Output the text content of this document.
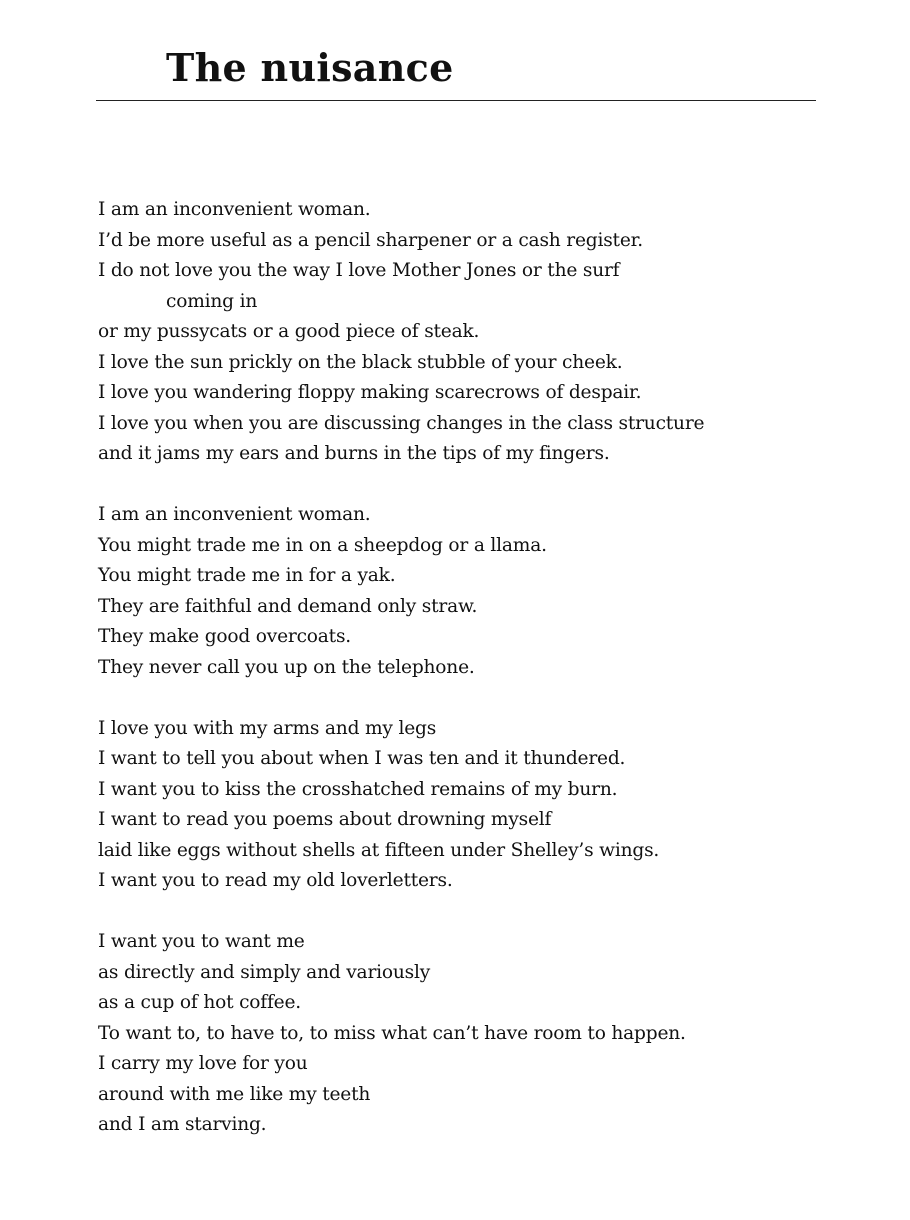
The nuisance
I am an inconvenient woman.
I’d be more useful as a pencil sharpener or a cash register.
I do not love you the way I love Mother Jones or the surf
coming in
or my pussycats or a good piece of steak.
I love the sun prickly on the black stubble of your cheek.
I love you wandering floppy making scarecrows of despair.
I love you when you are discussing changes in the class structure
and it jams my ears and burns in the tips of my fingers.
I am an inconvenient woman.
You might trade me in on a sheepdog or a llama.
You might trade me in for a yak.
They are faithful and demand only straw.
They make good overcoats.
They never call you up on the telephone.
I love you with my arms and my legs
I want to tell you about when I was ten and it thundered.
I want you to kiss the crosshatched remains of my burn.
I want to read you poems about drowning myself
laid like eggs without shells at fifteen under Shelley’s wings.
I want you to read my old loverletters.
I want you to want me
as directly and simply and variously
as a cup of hot coffee.
To want to, to have to, to miss what can’t have room to happen.
I carry my love for you
around with me like my teeth
and I am starving.
